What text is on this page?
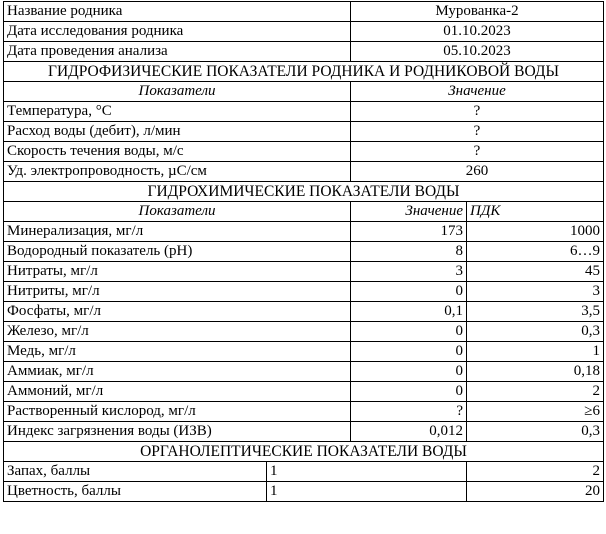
Название родника		Мурованка-2	
Дата исследования родника		01.10.2023	
Дата проведения анализа		05.10.2023	
ГИДРОФИЗИЧЕСКИЕ ПОКАЗАТЕЛИ РОДНИКА И РОДНИКОВОЙ ВОДЫ			
Показатели		Значение	
Температура, °С		?	
Расход воды (дебит), л/мин		?	
Скорость течения воды, м/с		?	
Уд. электропроводность, µС/см		260	
ГИДРОХИМИЧЕСКИЕ ПОКАЗАТЕЛИ ВОДЫ			
Показатели		Значение	ПДК
Минерализация, мг/л		173	1000
Водородный показатель (рН)		8	6…9
Нитраты, мг/л		3	45
Нитриты, мг/л		0	3
Фосфаты, мг/л		0,1	3,5
Железо, мг/л		0	0,3
Медь, мг/л		0	1
Аммиак, мг/л		0	0,18
Аммоний, мг/л		0	2
Растворенный кислород, мг/л		?	≥6
Индекс загрязнения воды (ИЗВ)		0,012	0,3
ОРГАНОЛЕПТИЧЕСКИЕ ПОКАЗАТЕЛИ ВОДЫ			
Запах, баллы	1		2
Цветность, баллы	1		20
